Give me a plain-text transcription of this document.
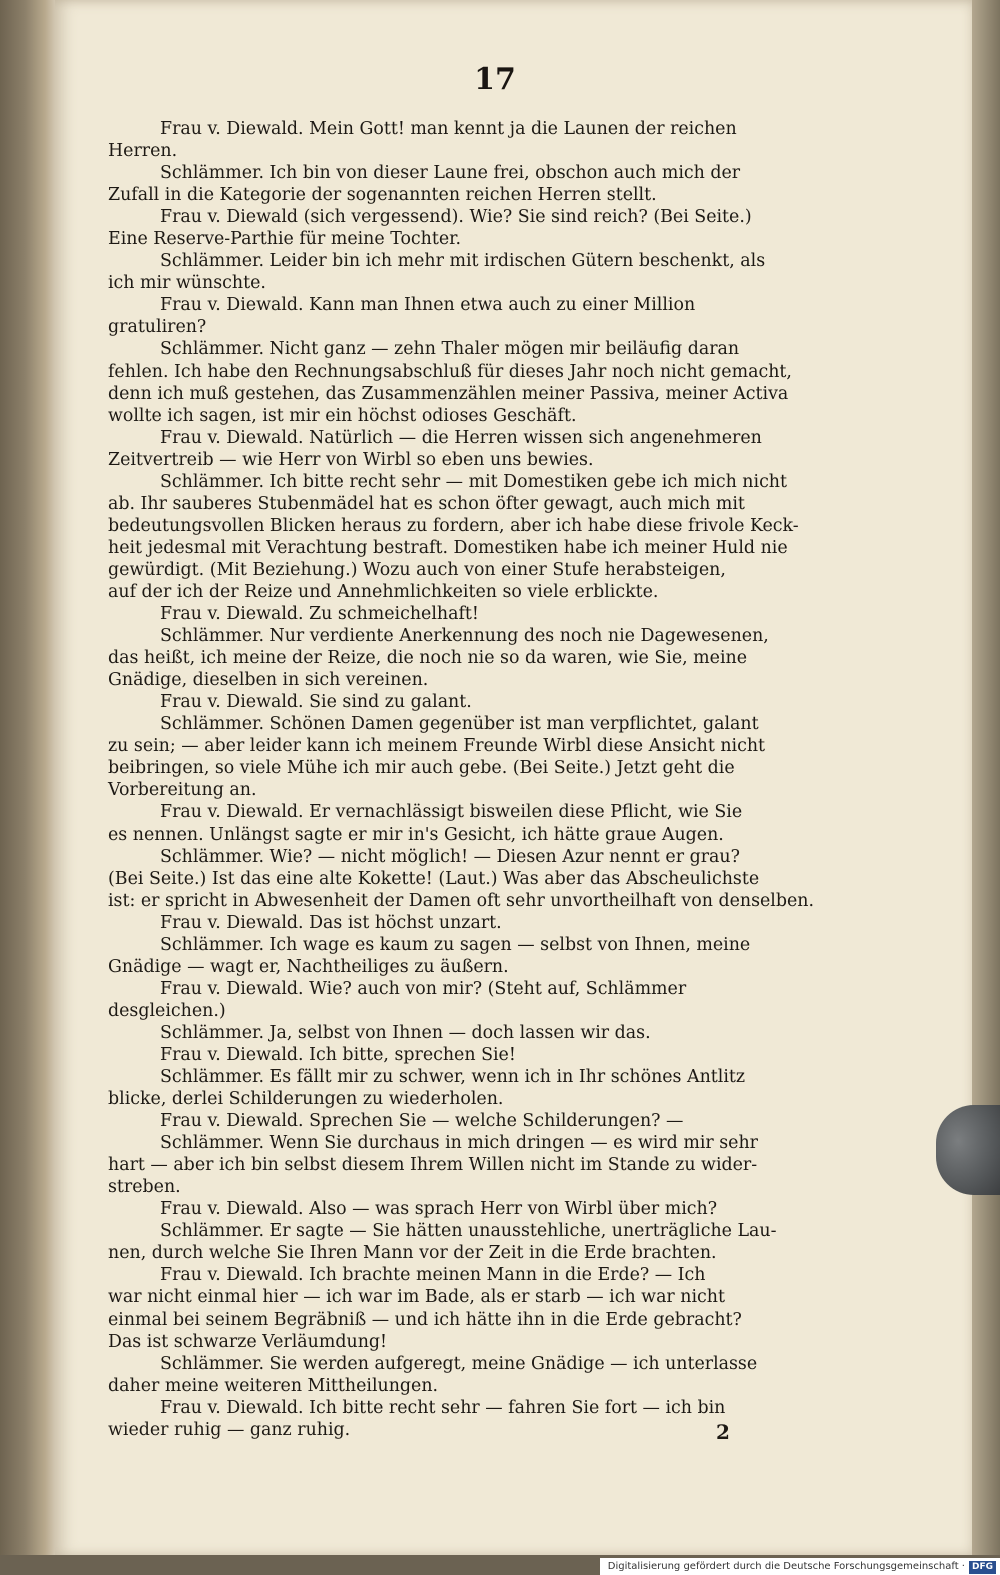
17

Frau v. Diewald. Mein Gott! man kennt ja die Launen der reichen

Herren.

Schlämmer. Ich bin von dieser Laune frei, obschon auch mich der

Zufall in die Kategorie der sogenannten reichen Herren stellt.

Frau v. Diewald (sich vergessend). Wie? Sie sind reich? (Bei Seite.)

Eine Reserve-Parthie für meine Tochter.

Schlämmer. Leider bin ich mehr mit irdischen Gütern beschenkt, als

ich mir wünschte.

Frau v. Diewald. Kann man Ihnen etwa auch zu einer Million

gratuliren?

Schlämmer. Nicht ganz — zehn Thaler mögen mir beiläufig daran

fehlen. Ich habe den Rechnungsabschluß für dieses Jahr noch nicht gemacht,

denn ich muß gestehen, das Zusammenzählen meiner Passiva, meiner Activa

wollte ich sagen, ist mir ein höchst odioses Geschäft.

Frau v. Diewald. Natürlich — die Herren wissen sich angenehmeren

Zeitvertreib — wie Herr von Wirbl so eben uns bewies.

Schlämmer. Ich bitte recht sehr — mit Domestiken gebe ich mich nicht

ab. Ihr sauberes Stubenmädel hat es schon öfter gewagt, auch mich mit

bedeutungsvollen Blicken heraus zu fordern, aber ich habe diese frivole Keck-

heit jedesmal mit Verachtung bestraft. Domestiken habe ich meiner Huld nie

gewürdigt. (Mit Beziehung.) Wozu auch von einer Stufe herabsteigen,

auf der ich der Reize und Annehmlichkeiten so viele erblickte.

Frau v. Diewald. Zu schmeichelhaft!

Schlämmer. Nur verdiente Anerkennung des noch nie Dagewesenen,

das heißt, ich meine der Reize, die noch nie so da waren, wie Sie, meine

Gnädige, dieselben in sich vereinen.

Frau v. Diewald. Sie sind zu galant.

Schlämmer. Schönen Damen gegenüber ist man verpflichtet, galant

zu sein; — aber leider kann ich meinem Freunde Wirbl diese Ansicht nicht

beibringen, so viele Mühe ich mir auch gebe. (Bei Seite.) Jetzt geht die

Vorbereitung an.

Frau v. Diewald. Er vernachlässigt bisweilen diese Pflicht, wie Sie

es nennen. Unlängst sagte er mir in's Gesicht, ich hätte graue Augen.

Schlämmer. Wie? — nicht möglich! — Diesen Azur nennt er grau?

(Bei Seite.) Ist das eine alte Kokette! (Laut.) Was aber das Abscheulichste

ist: er spricht in Abwesenheit der Damen oft sehr unvortheilhaft von denselben.

Frau v. Diewald. Das ist höchst unzart.

Schlämmer. Ich wage es kaum zu sagen — selbst von Ihnen, meine

Gnädige — wagt er, Nachtheiliges zu äußern.

Frau v. Diewald. Wie? auch von mir? (Steht auf, Schlämmer

desgleichen.)

Schlämmer. Ja, selbst von Ihnen — doch lassen wir das.

Frau v. Diewald. Ich bitte, sprechen Sie!

Schlämmer. Es fällt mir zu schwer, wenn ich in Ihr schönes Antlitz

blicke, derlei Schilderungen zu wiederholen.

Frau v. Diewald. Sprechen Sie — welche Schilderungen? —

Schlämmer. Wenn Sie durchaus in mich dringen — es wird mir sehr

hart — aber ich bin selbst diesem Ihrem Willen nicht im Stande zu wider-

streben.

Frau v. Diewald. Also — was sprach Herr von Wirbl über mich?

Schlämmer. Er sagte — Sie hätten unausstehliche, unerträgliche Lau-

nen, durch welche Sie Ihren Mann vor der Zeit in die Erde brachten.

Frau v. Diewald. Ich brachte meinen Mann in die Erde? — Ich

war nicht einmal hier — ich war im Bade, als er starb — ich war nicht

einmal bei seinem Begräbniß — und ich hätte ihn in die Erde gebracht?

Das ist schwarze Verläumdung!

Schlämmer. Sie werden aufgeregt, meine Gnädige — ich unterlasse

daher meine weiteren Mittheilungen.

Frau v. Diewald. Ich bitte recht sehr — fahren Sie fort — ich bin

wieder ruhig — ganz ruhig.	2
Digitalisierung gefördert durch die Deutsche Forschungsgemeinschaft · DFG
